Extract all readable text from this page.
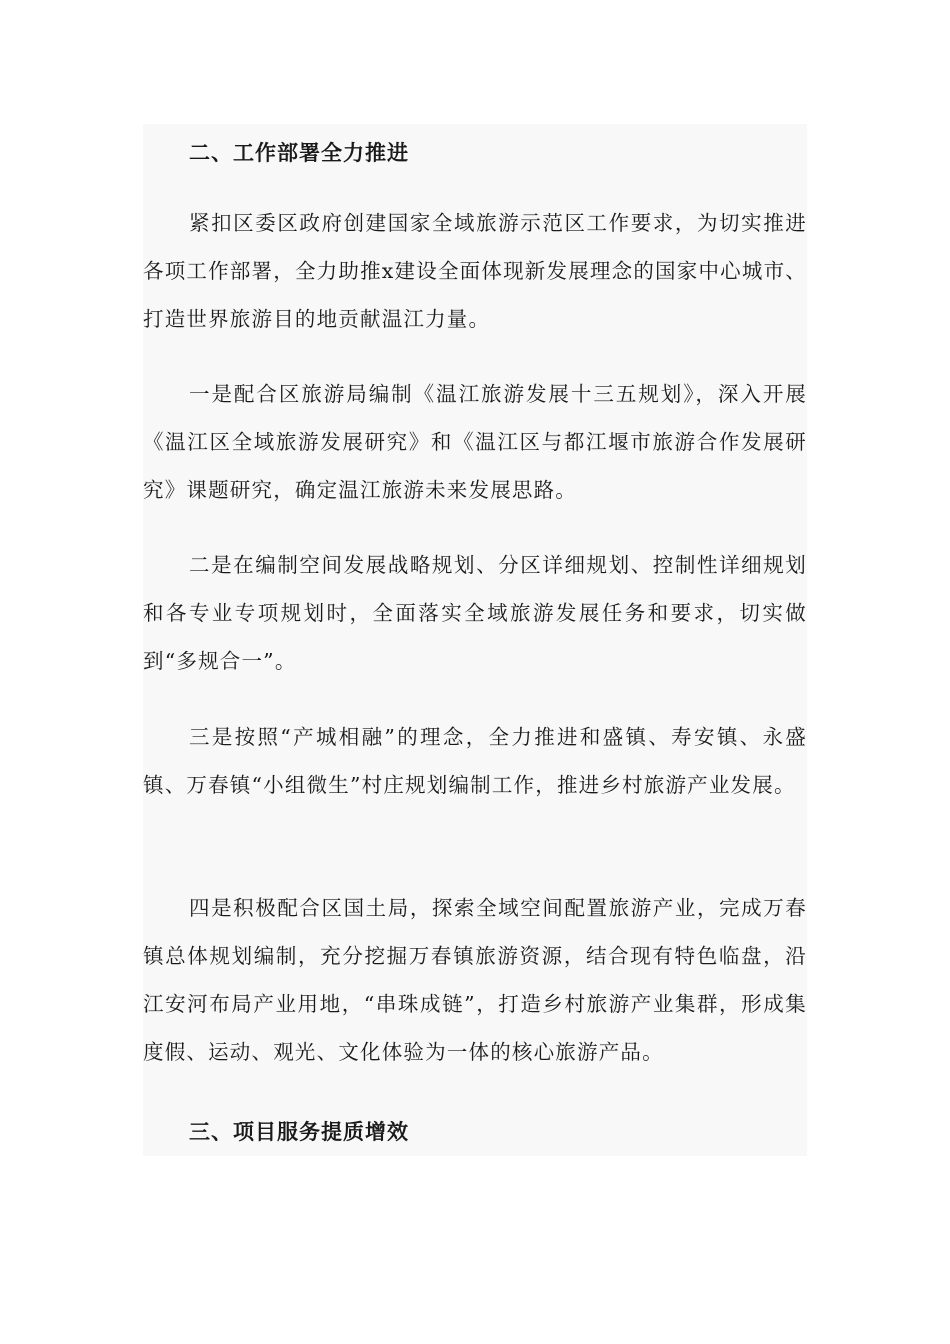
二、工作部署全力推进

紧扣区委区政府创建国家全域旅游示范区工作要求，为切实推进各项工作部署，全力助推x建设全面体现新发展理念的国家中心城市、打造世界旅游目的地贡献温江力量。

一是配合区旅游局编制《温江旅游发展十三五规划》，深入开展《温江区全域旅游发展研究》和《温江区与都江堰市旅游合作发展研究》课题研究，确定温江旅游未来发展思路。

二是在编制空间发展战略规划、分区详细规划、控制性详细规划和各专业专项规划时，全面落实全域旅游发展任务和要求，切实做到“多规合一”。

三是按照“产城相融”的理念，全力推进和盛镇、寿安镇、永盛镇、万春镇“小组微生”村庄规划编制工作，推进乡村旅游产业发展。

四是积极配合区国土局，探索全域空间配置旅游产业，完成万春镇总体规划编制，充分挖掘万春镇旅游资源，结合现有特色临盘，沿江安河布局产业用地，“串珠成链”，打造乡村旅游产业集群，形成集度假、运动、观光、文化体验为一体的核心旅游产品。

三、项目服务提质增效
